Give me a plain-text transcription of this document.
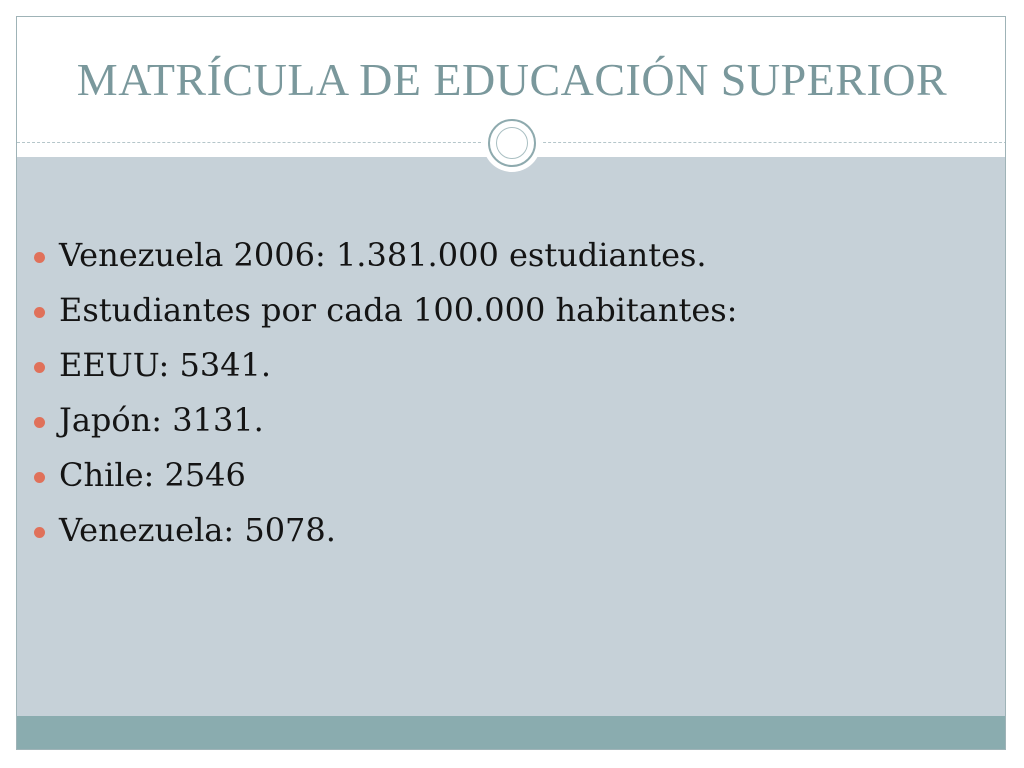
MATRÍCULA DE EDUCACIÓN SUPERIOR
Venezuela 2006: 1.381.000 estudiantes.
Estudiantes por cada 100.000 habitantes:
EEUU: 5341.
Japón: 3131.
Chile: 2546
Venezuela: 5078.
